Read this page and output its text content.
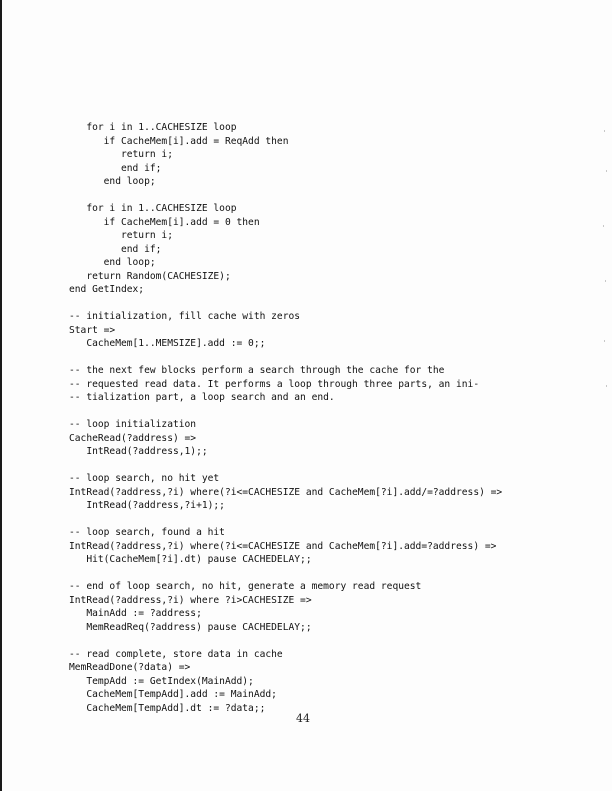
for i in 1..CACHESIZE loop
if CacheMem[i].add = ReqAdd then
return i;
end if;
end loop;
for i in 1..CACHESIZE loop
if CacheMem[i].add = 0 then
return i;
end if;
end loop;
return Random(CACHESIZE);
end GetIndex;
-- initialization, fill cache with zeros
Start =>
CacheMem[1..MEMSIZE].add := 0;;
-- the next few blocks perform a search through the cache for the
-- requested read data. It performs a loop through three parts, an ini-
-- tialization part, a loop search and an end.
-- loop initialization
CacheRead(?address) =>
IntRead(?address,1);;
-- loop search, no hit yet
IntRead(?address,?i) where(?i<=CACHESIZE and CacheMem[?i].add/=?address) =>
IntRead(?address,?i+1);;
-- loop search, found a hit
IntRead(?address,?i) where(?i<=CACHESIZE and CacheMem[?i].add=?address) =>
Hit(CacheMem[?i].dt) pause CACHEDELAY;;
-- end of loop search, no hit, generate a memory read request
IntRead(?address,?i) where ?i>CACHESIZE =>
MainAdd := ?address;
MemReadReq(?address) pause CACHEDELAY;;
-- read complete, store data in cache
MemReadDone(?data) =>
TempAdd := GetIndex(MainAdd);
CacheMem[TempAdd].add := MainAdd;
CacheMem[TempAdd].dt := ?data;;
44
